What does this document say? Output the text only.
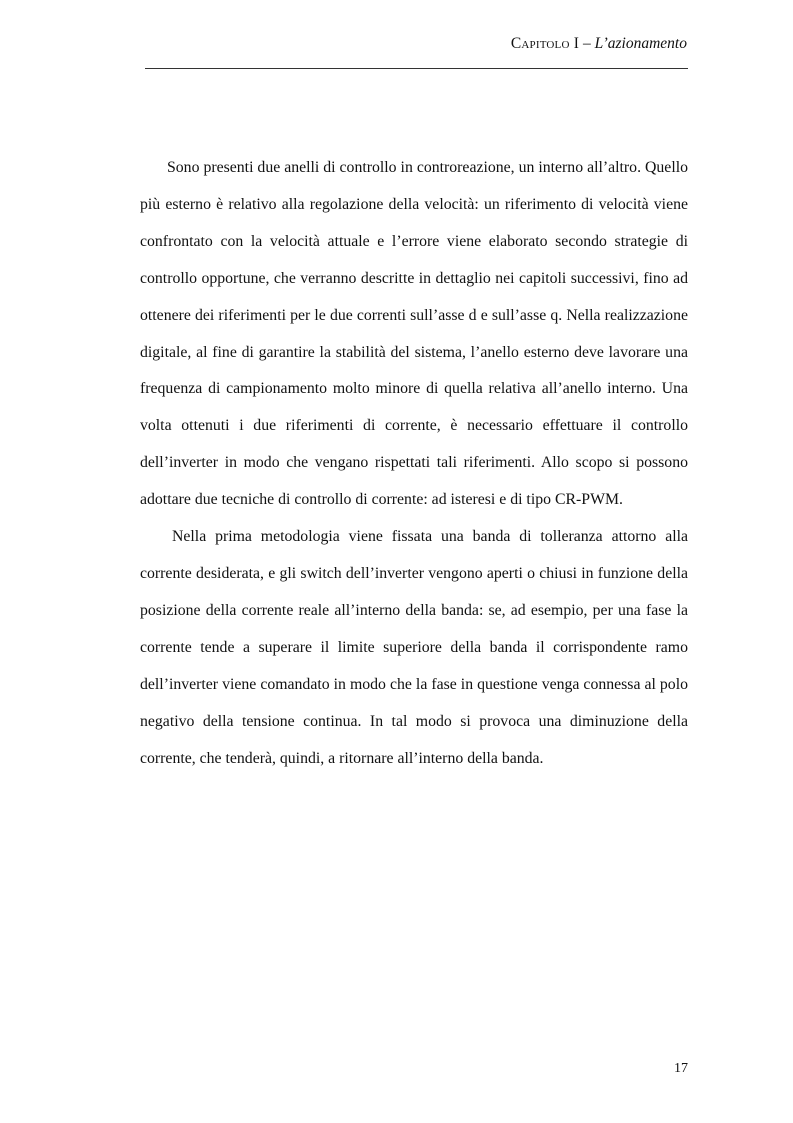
Capitolo I – L’azionamento

Sono presenti due anelli di controllo in controreazione, un interno all’altro. Quello più esterno è relativo alla regolazione della velocità: un riferimento di velocità viene confrontato con la velocità attuale e l’errore viene elaborato secondo strategie di controllo opportune, che verranno descritte in dettaglio nei capitoli successivi, fino ad ottenere dei riferimenti per le due correnti sull’asse d e sull’asse q. Nella realizzazione digitale, al fine di garantire la stabilità del sistema, l’anello esterno deve lavorare una frequenza di campionamento molto minore di quella relativa all’anello interno. Una volta ottenuti i due riferimenti di corrente, è necessario effettuare il controllo dell’inverter in modo che vengano rispettati tali riferimenti. Allo scopo si possono adottare due tecniche di controllo di corrente: ad isteresi e di tipo CR-PWM.

Nella prima metodologia viene fissata una banda di tolleranza attorno alla corrente desiderata, e gli switch dell’inverter vengono aperti o chiusi in funzione della posizione della corrente reale all’interno della banda: se, ad esempio, per una fase la corrente tende a superare il limite superiore della banda il corrispondente ramo dell’inverter viene comandato in modo che la fase in questione venga connessa al polo negativo della tensione continua. In tal modo si provoca una diminuzione della corrente, che tenderà, quindi, a ritornare all’interno della banda.

17
